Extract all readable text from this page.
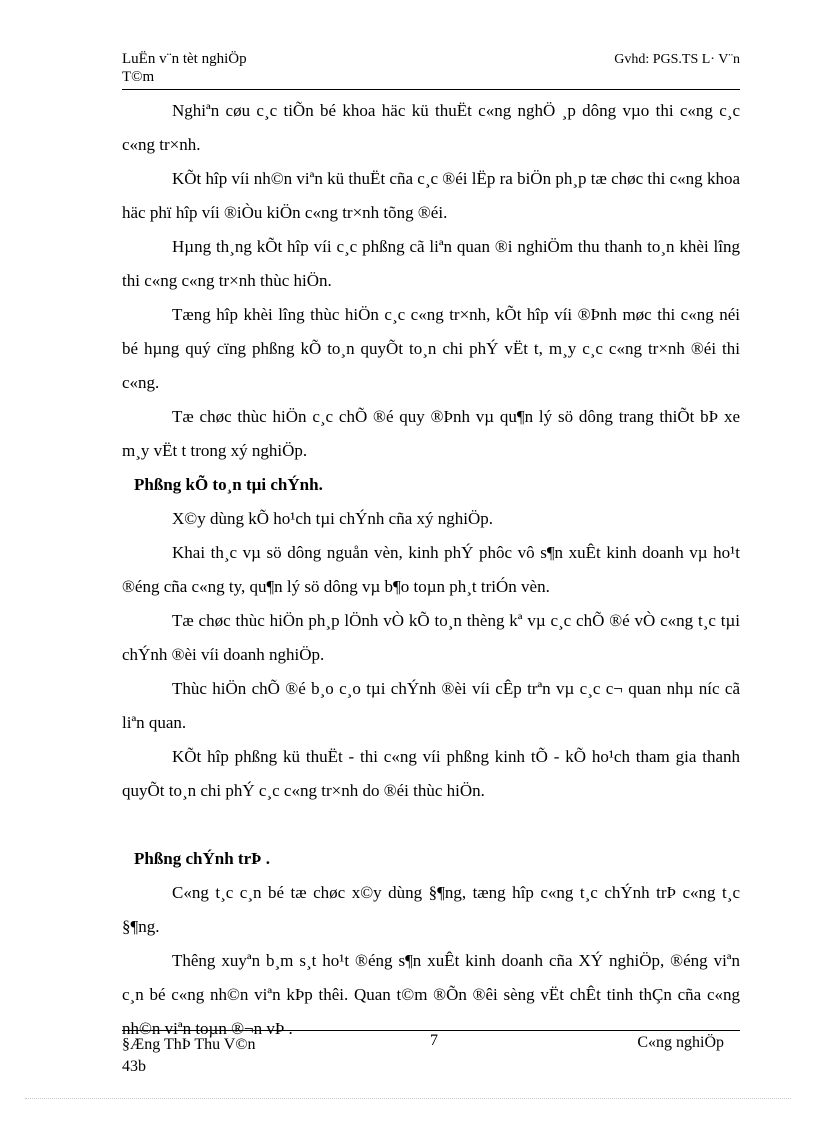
LuËn v¨n tèt nghiÖp
T©m
Gvhd: PGS.TS L· V¨n

Nghiªn cøu c¸c tiÕn bé khoa häc kü thuËt c«ng nghÖ ¸p dông vµo thi c«ng c¸c c«ng tr×nh.

KÕt hîp víi nh©n viªn kü thuËt cña c¸c ®éi lËp ra biÖn ph¸p tæ chøc thi c«ng khoa häc phï hîp víi ®iÒu kiÖn c«ng tr×nh tõng ®éi.

Hµng th¸ng kÕt hîp víi c¸c phßng cã liªn quan ®i nghiÖm thu thanh to¸n khèi lîng thi c«ng c«ng tr×nh thùc hiÖn.

Tæng hîp khèi lîng thùc hiÖn c¸c c«ng tr×nh, kÕt hîp víi ®Þnh møc thi c«ng néi bé hµng quý cïng phßng kÕ to¸n quyÕt to¸n chi phÝ vËt t, m¸y c¸c c«ng tr×nh ®éi thi c«ng.

Tæ chøc thùc hiÖn c¸c chÕ ®é quy ®Þnh vµ qu¶n lý sö dông trang thiÕt bÞ xe m¸y vËt t trong xý nghiÖp.

Phßng kÕ to¸n tµi chÝnh.

X©y dùng kÕ ho¹ch tµi chÝnh cña xý nghiÖp.

Khai th¸c vµ sö dông nguån vèn, kinh phÝ phôc vô s¶n xuÊt kinh doanh vµ ho¹t ®éng cña c«ng ty, qu¶n lý sö dông vµ b¶o toµn ph¸t triÓn vèn.

Tæ chøc thùc hiÖn ph¸p lÖnh vÒ kÕ to¸n thèng kª vµ c¸c chÕ ®é vÒ c«ng t¸c tµi chÝnh ®èi víi doanh nghiÖp.

Thùc hiÖn chÕ ®é b¸o c¸o tµi chÝnh ®èi víi cÊp trªn vµ c¸c c¬ quan nhµ níc cã liªn quan.

KÕt hîp phßng kü thuËt - thi c«ng víi phßng kinh tÕ - kÕ ho¹ch tham gia thanh quyÕt to¸n chi phÝ c¸c c«ng tr×nh do ®éi thùc hiÖn.

Phßng chÝnh trÞ .

C«ng t¸c c¸n bé tæ chøc x©y dùng §¶ng, tæng hîp c«ng t¸c chÝnh trÞ c«ng t¸c §¶ng.

Thêng xuyªn b¸m s¸t ho¹t ®éng s¶n xuÊt kinh doanh cña XÝ nghiÖp, ®éng viªn c¸n bé c«ng nh©n viªn kÞp thêi. Quan t©m ®Õn ®êi sèng vËt chÊt tinh thÇn cña c«ng nh©n viªn toµn ®¬n vÞ .

§Æng ThÞ Thu V©n
43b
7	C«ng nghiÖp
